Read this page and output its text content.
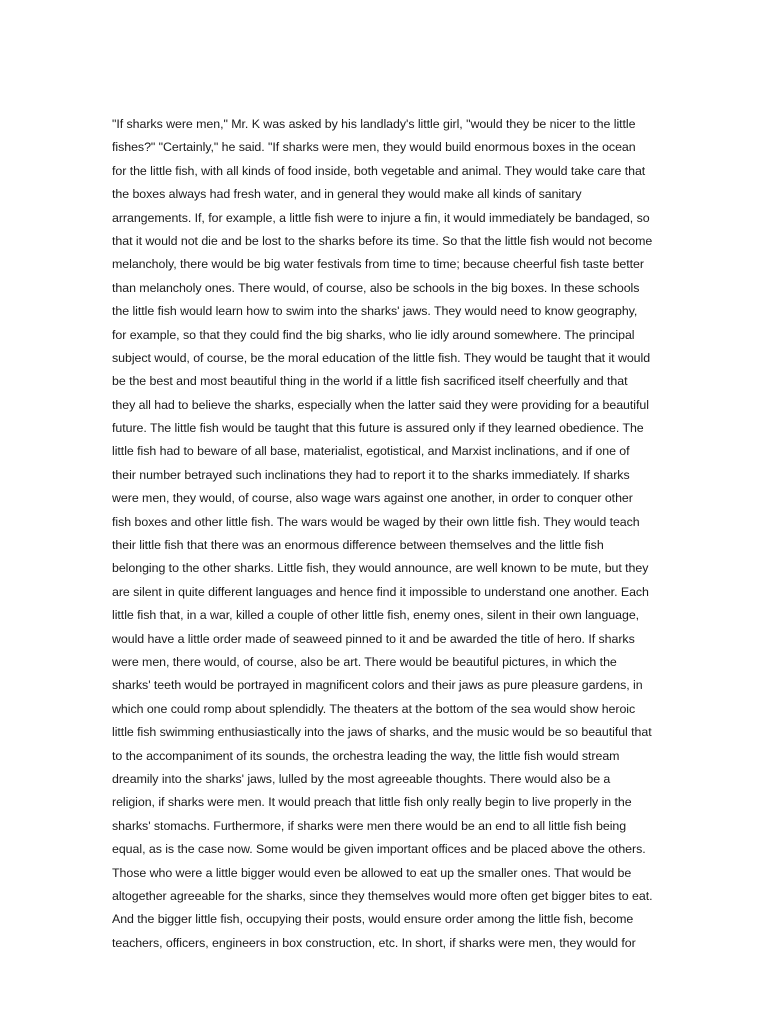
"If sharks were men," Mr. K was asked by his landlady's little girl, "would they be nicer to the little
fishes?" "Certainly," he said. "If sharks were men, they would build enormous boxes in the ocean
for the little fish, with all kinds of food inside, both vegetable and animal. They would take care that
the boxes always had fresh water, and in general they would make all kinds of sanitary
arrangements. If, for example, a little fish were to injure a fin, it would immediately be bandaged, so
that it would not die and be lost to the sharks before its time. So that the little fish would not become
melancholy, there would be big water festivals from time to time; because cheerful fish taste better
than melancholy ones. There would, of course, also be schools in the big boxes. In these schools
the little fish would learn how to swim into the sharks' jaws. They would need to know geography,
for example, so that they could find the big sharks, who lie idly around somewhere. The principal
subject would, of course, be the moral education of the little fish. They would be taught that it would
be the best and most beautiful thing in the world if a little fish sacrificed itself cheerfully and that
they all had to believe the sharks, especially when the latter said they were providing for a beautiful
future. The little fish would be taught that this future is assured only if they learned obedience. The
little fish had to beware of all base, materialist, egotistical, and Marxist inclinations, and if one of
their number betrayed such inclinations they had to report it to the sharks immediately. If sharks
were men, they would, of course, also wage wars against one another, in order to conquer other
fish boxes and other little fish. The wars would be waged by their own little fish. They would teach
their little fish that there was an enormous difference between themselves and the little fish
belonging to the other sharks. Little fish, they would announce, are well known to be mute, but they
are silent in quite different languages and hence find it impossible to understand one another. Each
little fish that, in a war, killed a couple of other little fish, enemy ones, silent in their own language,
would have a little order made of seaweed pinned to it and be awarded the title of hero. If sharks
were men, there would, of course, also be art. There would be beautiful pictures, in which the
sharks' teeth would be portrayed in magnificent colors and their jaws as pure pleasure gardens, in
which one could romp about splendidly. The theaters at the bottom of the sea would show heroic
little fish swimming enthusiastically into the jaws of sharks, and the music would be so beautiful that
to the accompaniment of its sounds, the orchestra leading the way, the little fish would stream
dreamily into the sharks' jaws, lulled by the most agreeable thoughts. There would also be a
religion, if sharks were men. It would preach that little fish only really begin to live properly in the
sharks' stomachs. Furthermore, if sharks were men there would be an end to all little fish being
equal, as is the case now. Some would be given important offices and be placed above the others.
Those who were a little bigger would even be allowed to eat up the smaller ones. That would be
altogether agreeable for the sharks, since they themselves would more often get bigger bites to eat.
And the bigger little fish, occupying their posts, would ensure order among the little fish, become
teachers, officers, engineers in box construction, etc. In short, if sharks were men, they would for
